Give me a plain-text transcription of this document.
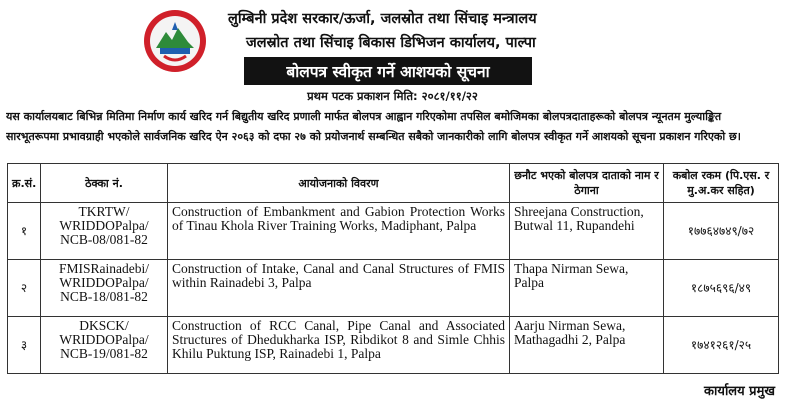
लुम्बिनी प्रदेश सरकार/ऊर्जा, जलस्रोत तथा सिंचाइ मन्त्रालय
जलस्रोत तथा सिंचाइ बिकास डिभिजन कार्यालय, पाल्पा
बोलपत्र स्वीकृत गर्ने आशयको सूचना
प्रथम पटक प्रकाशन मिति: २०८१/११/२२
यस कार्यालयबाट बिभिन्न मितिमा निर्माण कार्य खरिद गर्न बिद्युतीय खरिद प्रणाली मार्फत बोलपत्र आह्वान गरिएकोमा तपसिल बमोजिमका बोलपत्रदाताहरूको बोलपत्र न्यूनतम मुल्याङ्कित
सारभूतरूपमा प्रभावग्राही भएकोले सार्वजनिक खरिद ऐन २०६३ को दफा २७ को प्रयोजनार्थ सम्बन्धित सबैको जानकारीको लागि बोलपत्र स्वीकृत गर्ने आशयको सूचना प्रकाशन गरिएको छ।
क्र.सं.	ठेक्का नं.	आयोजनाको विवरण	छनौट भएको बोलपत्र दाताको नाम र ठेगाना	कबोल रकम (पि.एस. र मु.अ.कर सहित)
१	TKRTW/ WRIDDOPalpa/ NCB-08/081-82	Construction of Embankment and Gabion Protection Works of Tinau Khola River Training Works, Madiphant, Palpa	Shreejana Construction, Butwal 11, Rupandehi	१७७६४७४९/७२
२	FMISRainadebi/ WRIDDOPalpa/ NCB-18/081-82	Construction of Intake, Canal and Canal Structures of FMIS within Rainadebi 3, Palpa	Thapa Nirman Sewa, Palpa	१८७५६९६/४९
३	DKSCK/ WRIDDOPalpa/ NCB-19/081-82	Construction of RCC Canal, Pipe Canal and Associated Structures of Dhedukharka ISP, Ribdikot 8 and Simle Chhis Khilu Puktung ISP, Rainadebi 1, Palpa	Aarju Nirman Sewa, Mathagadhi 2, Palpa	१७४१२६१/२५
कार्यालय प्रमुख
